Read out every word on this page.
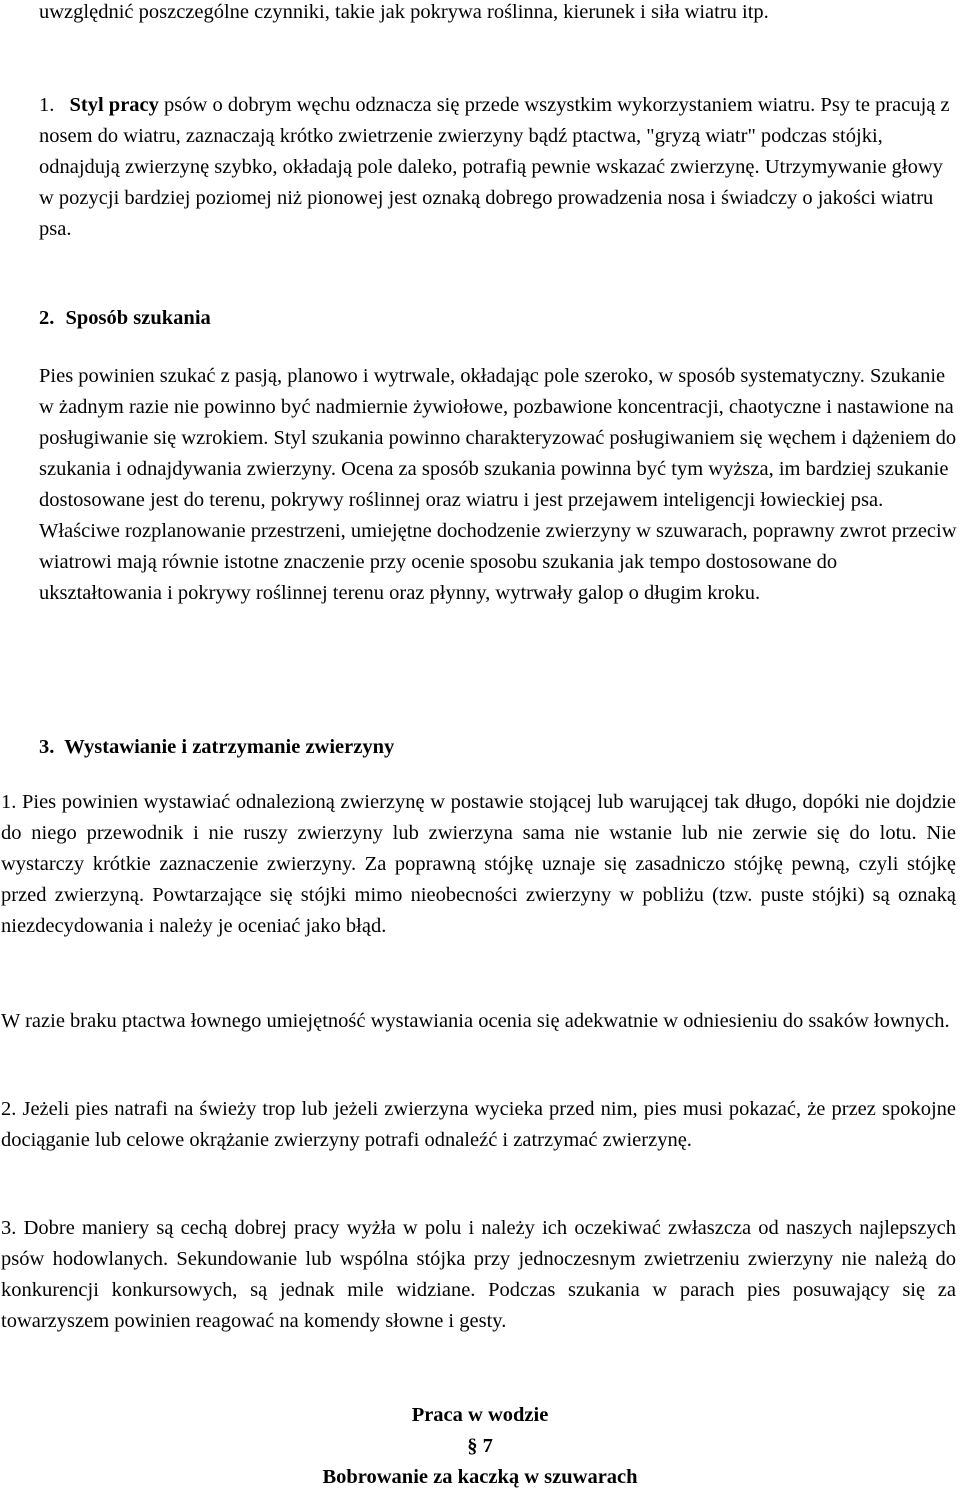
uwzględnić poszczególne czynniki, takie jak pokrywa roślinna, kierunek i siła wiatru itp.

1. Styl pracy psów o dobrym węchu odznacza się przede wszystkim wykorzystaniem wiatru. Psy te pracują z nosem do wiatru, zaznaczają krótko zwietrzenie zwierzyny bądź ptactwa, "gryzą wiatr" podczas stójki, odnajdują zwierzynę szybko, okładają pole daleko, potrafią pewnie wskazać zwierzynę. Utrzymywanie głowy w pozycji bardziej poziomej niż pionowej jest oznaką dobrego prowadzenia nosa i świadczy o jakości wiatru psa.

2. Sposób szukania

Pies powinien szukać z pasją, planowo i wytrwale, okładając pole szeroko, w sposób systematyczny. Szukanie w żadnym razie nie powinno być nadmiernie żywiołowe, pozbawione koncentracji, chaotyczne i nastawione na posługiwanie się wzrokiem. Styl szukania powinno charakteryzować posługiwaniem się węchem i dążeniem do szukania i odnajdywania zwierzyny. Ocena za sposób szukania powinna być tym wyższa, im bardziej szukanie dostosowane jest do terenu, pokrywy roślinnej oraz wiatru i jest przejawem inteligencji łowieckiej psa. Właściwe rozplanowanie przestrzeni, umiejętne dochodzenie zwierzyny w szuwarach, poprawny zwrot przeciw wiatrowi mają równie istotne znaczenie przy ocenie sposobu szukania jak tempo dostosowane do ukształtowania i pokrywy roślinnej terenu oraz płynny, wytrwały galop o długim kroku.

3.  Wystawianie i zatrzymanie zwierzyny

1. Pies powinien wystawiać odnalezioną zwierzynę w postawie stojącej lub warującej tak długo, dopóki nie dojdzie do niego przewodnik i nie ruszy zwierzyny lub zwierzyna sama nie wstanie lub nie zerwie się do lotu. Nie wystarczy krótkie zaznaczenie zwierzyny. Za poprawną stójkę uznaje się zasadniczo stójkę pewną, czyli stójkę przed zwierzyną. Powtarzające się stójki mimo nieobecności zwierzyny w pobliżu (tzw. puste stójki) są oznaką niezdecydowania i należy je oceniać jako błąd.

W razie braku ptactwa łownego umiejętność wystawiania ocenia się adekwatnie w odniesieniu do ssaków łownych.

2. Jeżeli pies natrafi na świeży trop lub jeżeli zwierzyna wycieka przed nim, pies musi pokazać, że przez spokojne dociąganie lub celowe okrążanie zwierzyny potrafi odnaleźć i zatrzymać zwierzynę.

3. Dobre maniery są cechą dobrej pracy wyżła w polu i należy ich oczekiwać zwłaszcza od naszych najlepszych psów hodowlanych. Sekundowanie lub wspólna stójka przy jednoczesnym zwietrzeniu zwierzyny nie należą do konkurencji konkursowych, są jednak mile widziane. Podczas szukania w parach pies posuwający się za towarzyszem powinien reagować na komendy słowne i gesty.

Praca w wodzie

§ 7

Bobrowanie za kaczką w szuwarach
